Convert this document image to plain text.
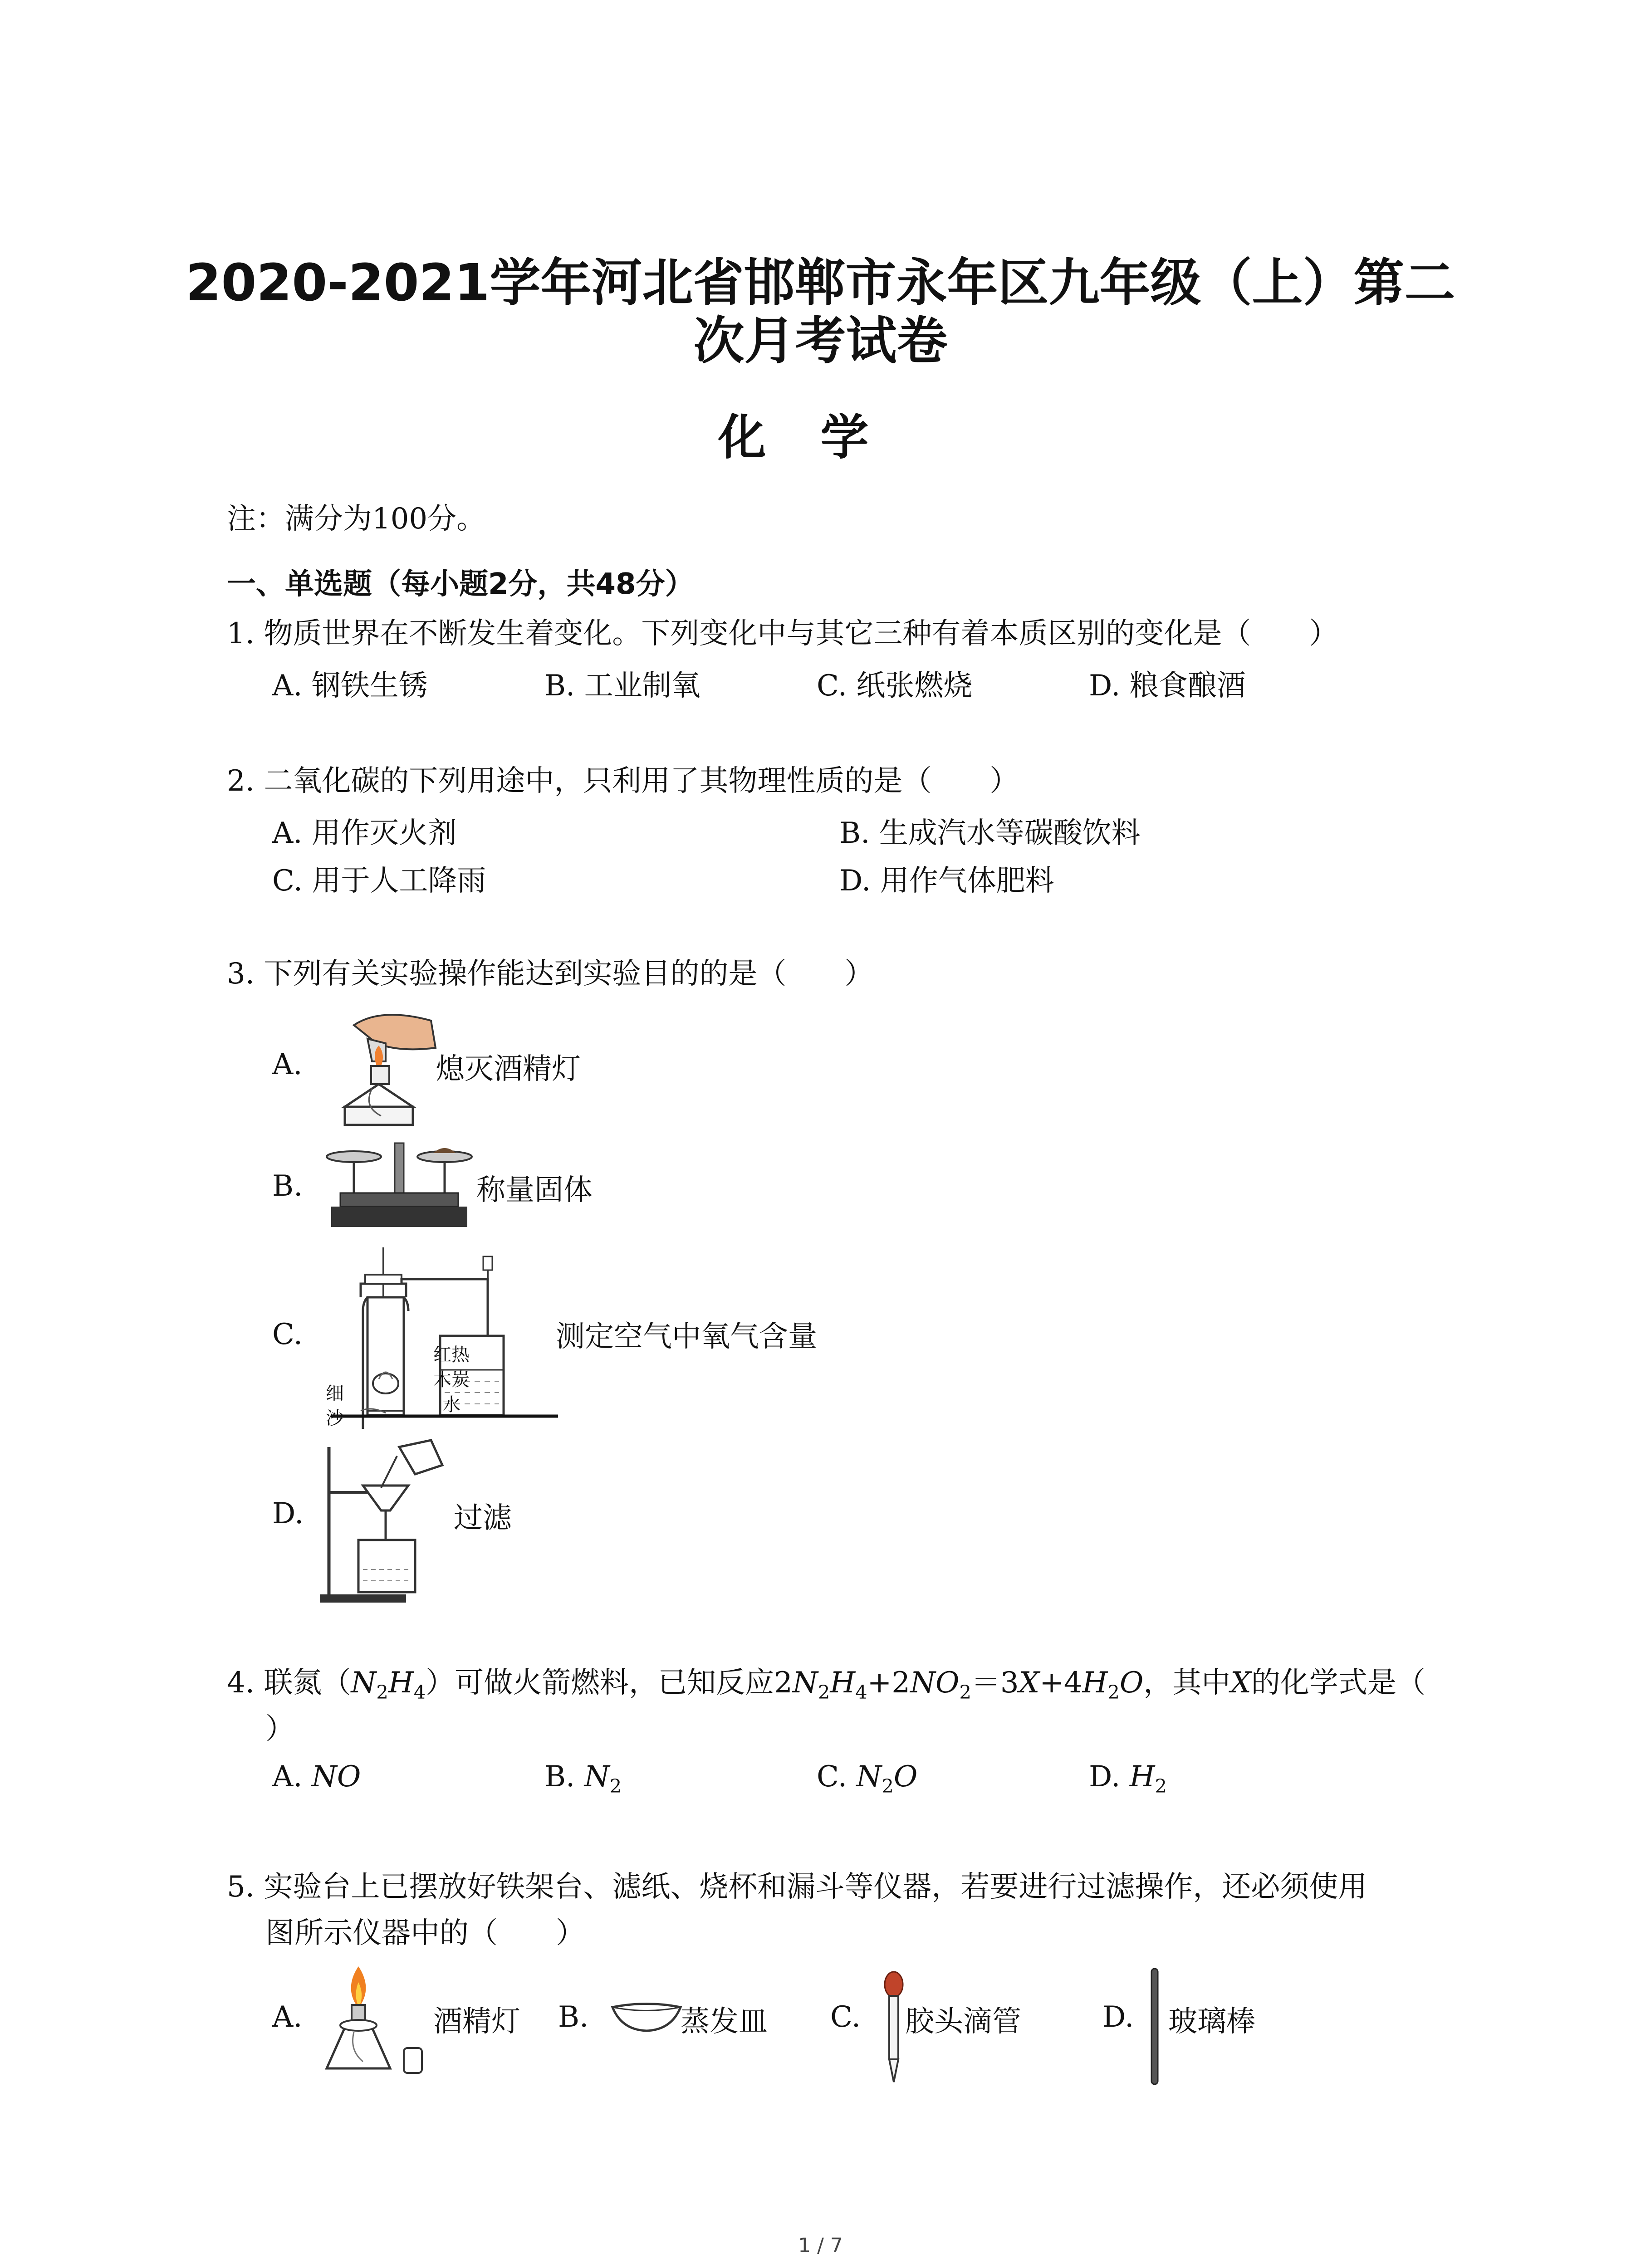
2020-2021学年河北省邯郸市永年区九年级（上）第二
次月考试卷
化学
注：满分为100分。
一、单选题（每小题2分，共48分）
1. 物质世界在不断发生着变化。下列变化中与其它三种有着本质区别的变化是（　　）
A. 钢铁生锈	B. 工业制氧	C. 纸张燃烧	D. 粮食酿酒
2. 二氧化碳的下列用途中，只利用了其物理性质的是（　　）
A. 用作灭火剂	B. 生成汽水等碳酸饮料
C. 用于人工降雨	D. 用作气体肥料
3. 下列有关实验操作能达到实验目的的是（　　）
A.	熄灭酒精灯
B.	称量固体
C.
红热
木炭
水
细
沙
测定空气中氧气含量
D.	过滤
4. 联氮$(N_2H_4)$可做火箭燃料，已知反应$2N_2H_4+2NO_2=3X+4H_2O$，其中X的化学式是（
）
A. NO	B. $N_2$	C. $N_2O$	D. $H_2$
5. 实验台上已摆放好铁架台、滤纸、烧杯和漏斗等仪器，若要进行过滤操作，还必须使用
图所示仪器中的（　　）
A.	酒精灯 B.	蒸发皿 C. 胶头滴管	D. 玻璃棒
1 / 7
